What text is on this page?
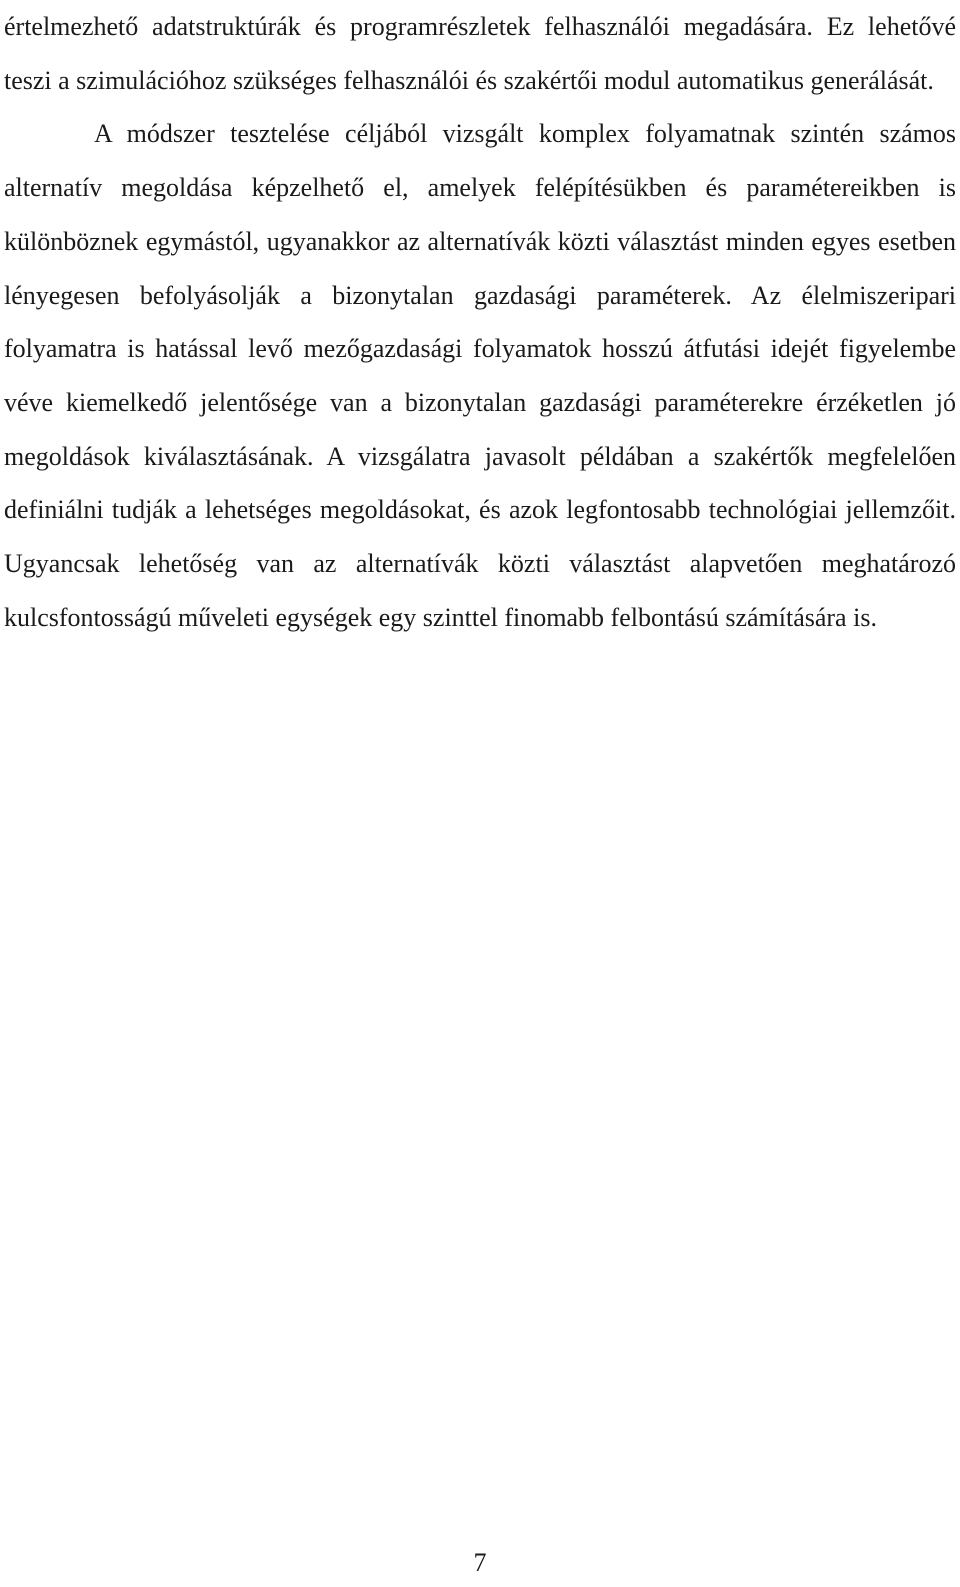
értelmezhető adatstruktúrák és programrészletek felhasználói megadására. Ez lehetővé teszi a szimulációhoz szükséges felhasználói és szakértői modul automatikus generálását.

A módszer tesztelése céljából vizsgált komplex folyamatnak szintén számos alternatív megoldása képzelhető el, amelyek felépítésükben és paramétereikben is különböznek egymástól, ugyanakkor az alternatívák közti választást minden egyes esetben lényegesen befolyásolják a bizonytalan gazdasági paraméterek. Az élelmiszeripari folyamatra is hatással levő mezőgazdasági folyamatok hosszú átfutási idejét figyelembe véve kiemelkedő jelentősége van a bizonytalan gazdasági paraméterekre érzéketlen jó megoldások kiválasztásának. A vizsgálatra javasolt példában a szakértők megfelelően definiálni tudják a lehetséges megoldásokat, és azok legfontosabb technológiai jellemzőit. Ugyancsak lehetőség van az alternatívák közti választást alapvetően meghatározó kulcsfontosságú műveleti egységek egy szinttel finomabb felbontású számítására is.

7
